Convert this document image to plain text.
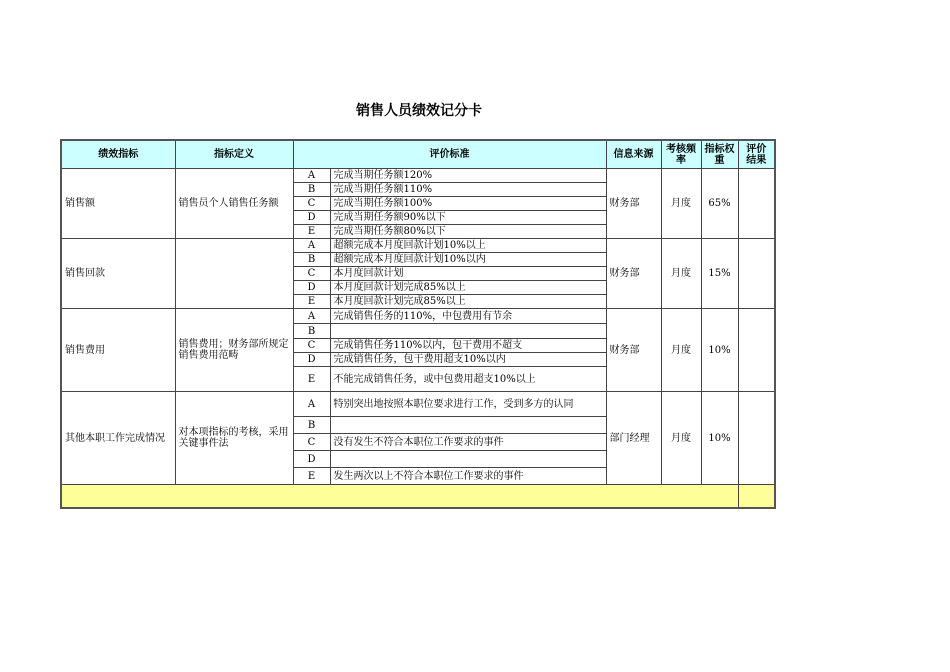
销售人员绩效记分卡
绩效指标	指标定义	评价标准		信息来源	考核频率	指标权重	评价结果
销售额	销售员个人销售任务额	A	完成当期任务额120%	财务部	月度	65%	
		B	完成当期任务额110%				
		C	完成当期任务额100%				
		D	完成当期任务额90%以下				
		E	完成当期任务额80%以下				
销售回款		A	超额完成本月度回款计划10%以上	财务部	月度	15%	
		B	超额完成本月度回款计划10%以内				
		C	本月度回款计划				
		D	本月度回款计划完成85%以上				
		E	本月度回款计划完成85%以上				
销售费用	销售费用；财务部所规定销售费用范畴	A	完成销售任务的110%，中包费用有节余	财务部	月度	10%	
		B					
		C	完成销售任务110%以内，包干费用不超支				
		D	完成销售任务，包干费用超支10%以内				
		E	不能完成销售任务，或中包费用超支10%以上				
其他本职工作完成情况	对本项指标的考核，采用关键事件法	A	特别突出地按照本职位要求进行工作，受到多方的认同	部门经理	月度	10%	
		B					
		C	没有发生不符合本职位工作要求的事件				
		D					
		E	发生两次以上不符合本职位工作要求的事件				
